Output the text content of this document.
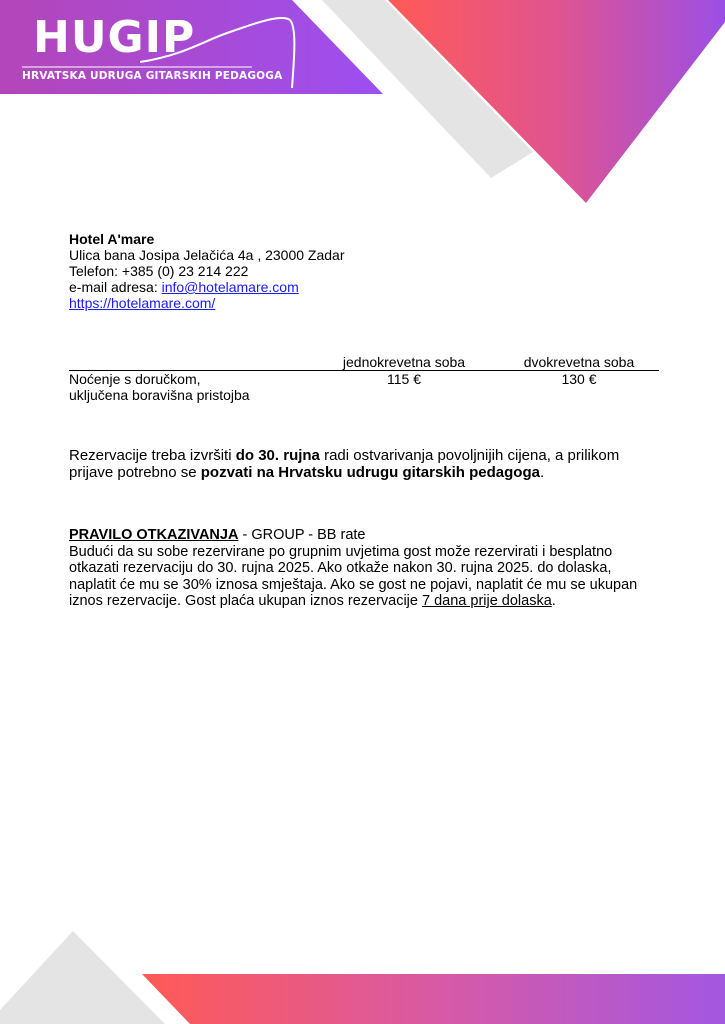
HUGIP
HRVATSKA UDRUGA GITARSKIH PEDAGOGA
Hotel A'mare
Ulica bana Josipa Jelačića 4a , 23000 Zadar
Telefon: +385 (0) 23 214 222
e-mail adresa: info@hotelamare.com
https://hotelamare.com/
	jednokrevetna soba	dvokrevetna soba

Noćenje s doručkom,
uključena boravišna pristojba	115 €	130 €
Rezervacije treba izvršiti do 30. rujna radi ostvarivanja povoljnijih cijena, a prilikom prijave potrebno se pozvati na Hrvatsku udrugu gitarskih pedagoga.
PRAVILO OTKAZIVANJA - GROUP - BB rate
Budući da su sobe rezervirane po grupnim uvjetima gost može rezervirati i besplatno otkazati rezervaciju do 30. rujna 2025. Ako otkaže nakon 30. rujna 2025. do dolaska, naplatit će mu se 30% iznosa smještaja. Ako se gost ne pojavi, naplatit će mu se ukupan iznos rezervacije. Gost plaća ukupan iznos rezervacije 7 dana prije dolaska.
